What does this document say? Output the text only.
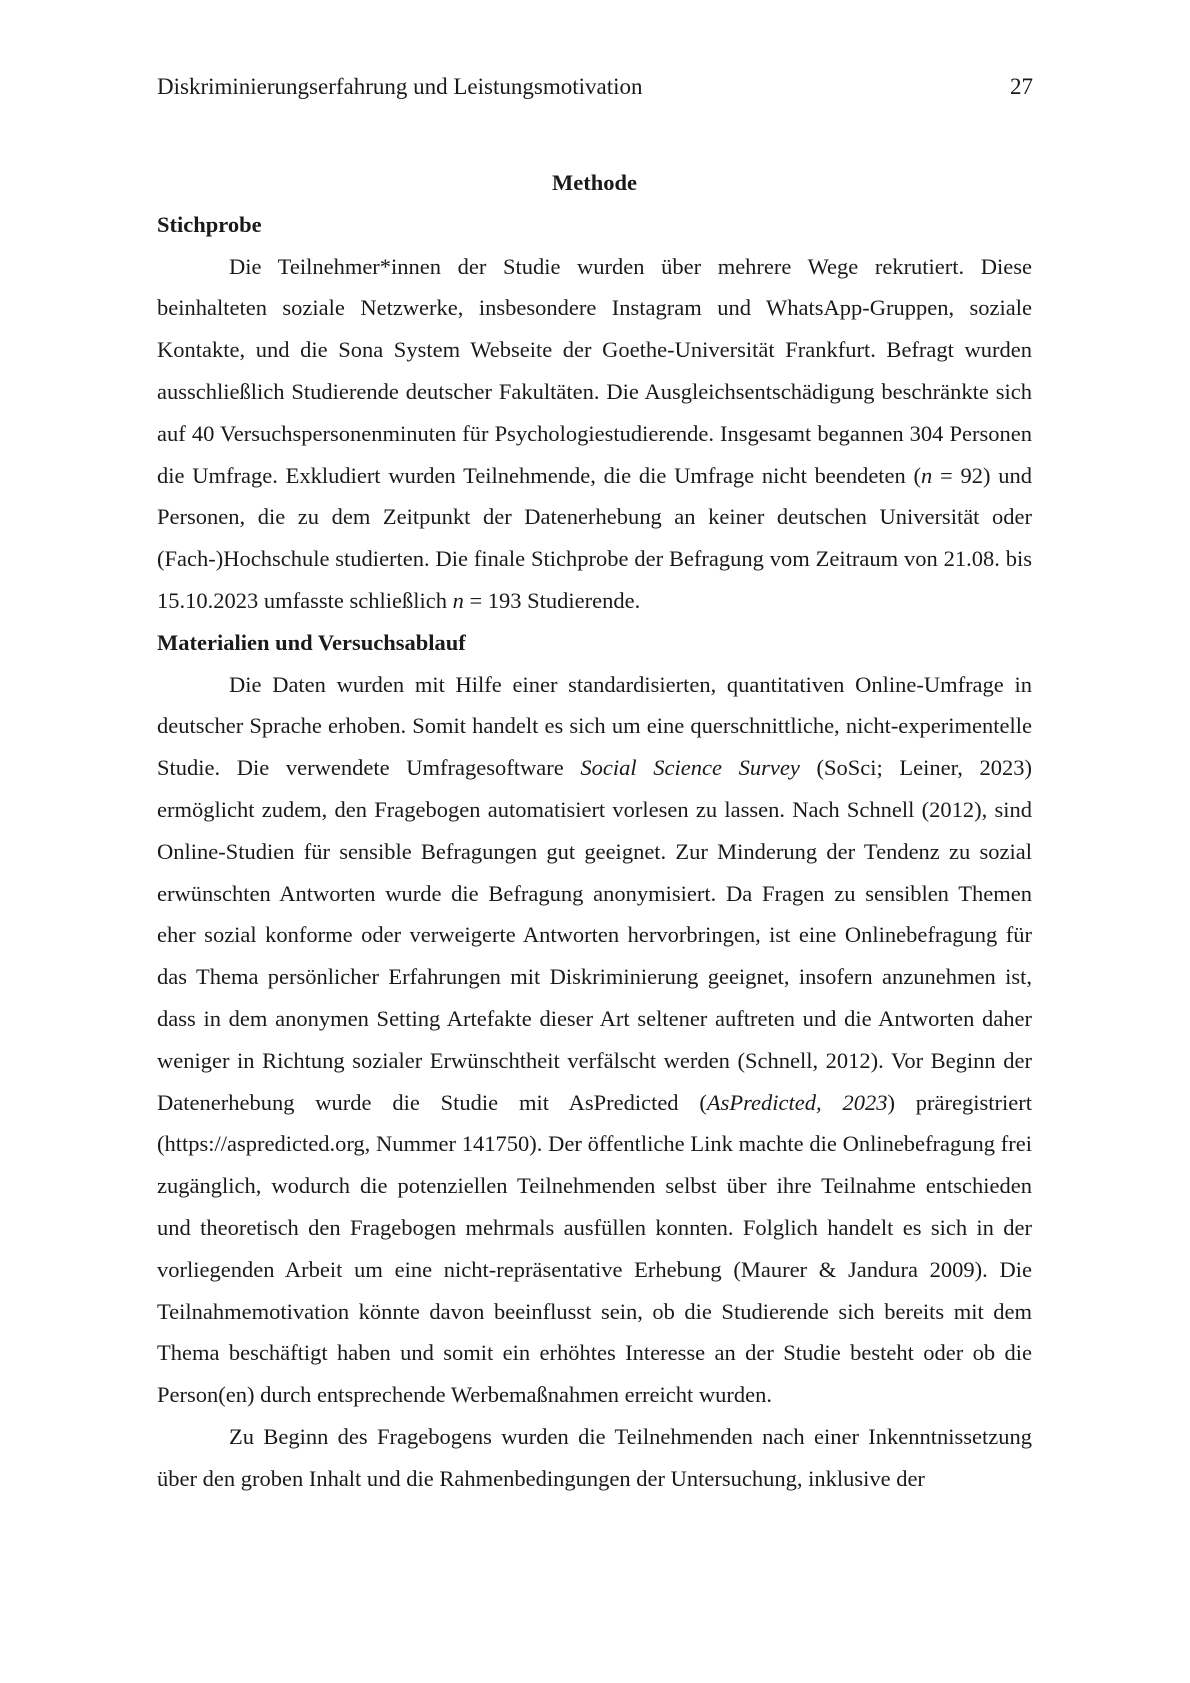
Diskriminierungserfahrung und Leistungsmotivation	27
Methode
Stichprobe

Die Teilnehmer*innen der Studie wurden über mehrere Wege rekrutiert. Diese beinhalteten soziale Netzwerke, insbesondere Instagram und WhatsApp-Gruppen, soziale Kontakte, und die Sona System Webseite der Goethe-Universität Frankfurt. Befragt wurden ausschließlich Studierende deutscher Fakultäten. Die Ausgleichsentschädigung beschränkte sich auf 40 Versuchspersonenminuten für Psychologiestudierende. Insgesamt begannen 304 Personen die Umfrage. Exkludiert wurden Teilnehmende, die die Umfrage nicht beendeten (n = 92) und Personen, die zu dem Zeitpunkt der Datenerhebung an keiner deutschen Universität oder (Fach-)Hochschule studierten. Die finale Stichprobe der Befragung vom Zeitraum von 21.08. bis 15.10.2023 umfasste schließlich n = 193 Studierende.

Materialien und Versuchsablauf

Die Daten wurden mit Hilfe einer standardisierten, quantitativen Online-Umfrage in deutscher Sprache erhoben. Somit handelt es sich um eine querschnittliche, nicht-experimentelle Studie. Die verwendete Umfragesoftware Social Science Survey (SoSci; Leiner, 2023) ermöglicht zudem, den Fragebogen automatisiert vorlesen zu lassen. Nach Schnell (2012), sind Online-Studien für sensible Befragungen gut geeignet. Zur Minderung der Tendenz zu sozial erwünschten Antworten wurde die Befragung anonymisiert. Da Fragen zu sensiblen Themen eher sozial konforme oder verweigerte Antworten hervorbringen, ist eine Onlinebefragung für das Thema persönlicher Erfahrungen mit Diskriminierung geeignet, insofern anzunehmen ist, dass in dem anonymen Setting Artefakte dieser Art seltener auftreten und die Antworten daher weniger in Richtung sozialer Erwünschtheit verfälscht werden (Schnell, 2012). Vor Beginn der Datenerhebung wurde die Studie mit AsPredicted (AsPredicted, 2023) präregistriert (https://aspredicted.org, Nummer 141750). Der öffentliche Link machte die Onlinebefragung frei zugänglich, wodurch die potenziellen Teilnehmenden selbst über ihre Teilnahme entschieden und theoretisch den Fragebogen mehrmals ausfüllen konnten. Folglich handelt es sich in der vorliegenden Arbeit um eine nicht-repräsentative Erhebung (Maurer & Jandura 2009). Die Teilnahmemotivation könnte davon beeinflusst sein, ob die Studierende sich bereits mit dem Thema beschäftigt haben und somit ein erhöhtes Interesse an der Studie besteht oder ob die Person(en) durch entsprechende Werbemaßnahmen erreicht wurden.

Zu Beginn des Fragebogens wurden die Teilnehmenden nach einer Inkenntnissetzung über den groben Inhalt und die Rahmenbedingungen der Untersuchung, inklusive der
